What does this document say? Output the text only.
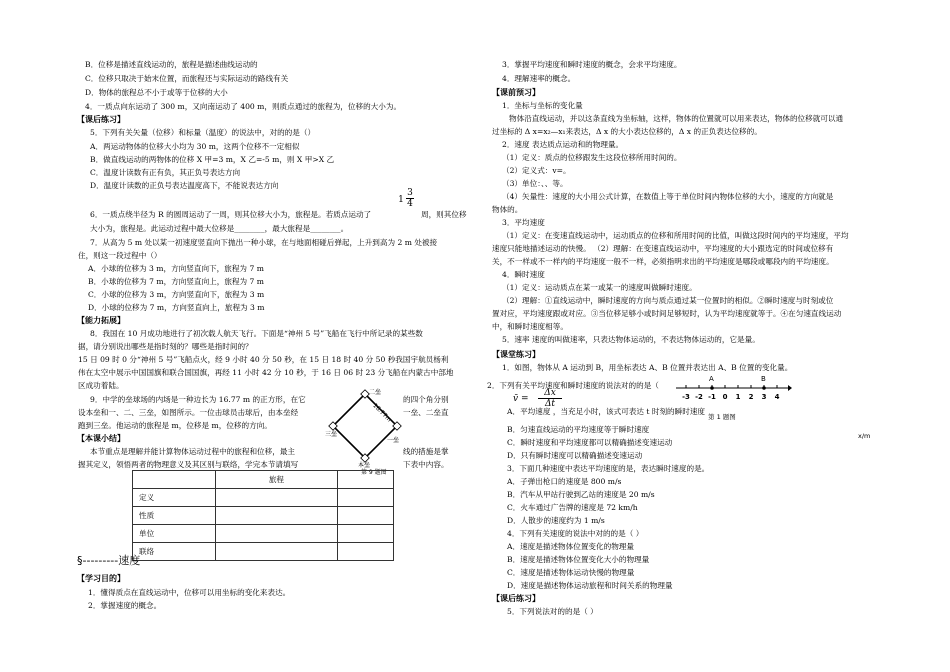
B．位移是描述直线运动的，旅程是描述曲线运动的
C．位移只取决于始末位置，而旅程还与实际运动的路线有关
D．物体的旅程总不小于或等于位移的大小
4．一质点向东运动了 300 m，又向南运动了 400 m，则质点通过的旅程为，位移的大小为。
【课后练习】
5．下列有关矢量（位移）和标量（温度）的说法中，对的的是（）
A．两运动物体的位移大小均为 30 m，这两个位移不一定相似
B．做直线运动的两物体的位移 X 甲=3 m，X 乙=-5 m，则 X 甲>X 乙
C．温度计读数有正有负，其正负号表达方向
D．温度计读数的正负号表达温度高下，不能说表达方向
$1 \frac{3}{4}$
6．一质点绕半径为 R 的圆周运动了一周，则其位移大小为，旅程是。若质点运动了	周，则其位移
大小为，旅程是。此运动过程中最大位移是________，最大旅程是________。
7．从高为 5 m 处以某一初速度竖直向下抛出一种小球，在与地面相碰后弹起，上升到高为 2 m 处被接
住，则这一段过程中（）
A．小球的位移为 3 m，方向竖直向下，旅程为 7 m
B．小球的位移为 7 m，方向竖直向上，旅程为 7 m
C．小球的位移为 3 m，方向竖直向下，旅程为 3 m
D．小球的位移为 7 m，方向竖直向上，旅程为 3 m
【能力拓展】
8．我国在 10 月成功地进行了初次载人航天飞行。下面是“神州 5 号”飞船在飞行中所记录的某些数
据，请分别说出哪些是指时刻的？哪些是指时间的？
15 日 09 时 0 分“神州 5 号”飞船点火，经 9 小时 40 分 50 秒，在 15 日 18 时 40 分 50 秒我国宇航员杨利
伟在太空中展示中国国旗和联合国国旗，再经 11 小时 42 分 10 秒，于 16 日 06 时 23 分飞船在内蒙古中部地
区成功着陆。
9．中学的垒球场的内场是一种边长为 16.77 m 的正方形，在它
设本垒和一、二、三垒，如图所示。一位击球员击球后，由本垒经
跑到三垒。他运动的旅程是 m，位移是 m，位移的方向。
的四个角分别
一垒、二垒直
【本课小结】
本节重点是理解并能计算物体运动过程中的旅程和位移，最主
握其定义，领悟两者的物理意义及其区别与联络，学完本节请填写
线的措施是掌
下表中内容。
二垒
三垒
一垒
本垒
16.77m
第 9 题图
	旅程	
定义		
性质		
单位		
联络		
§---------速度
【学习目的】
1．懂得质点在直线运动中，位移可以用坐标的变化来表达。
2．掌握速度的概念。
3．掌握平均速度和瞬时速度的概念，会求平均速度。
4．理解速率的概念。
【课前预习】
1．坐标与坐标的变化量
物体沿直线运动，并以这条直线为坐标轴，这样，物体的位置就可以用来表达，物体的位移就可以通
过坐标的 Δ x=x₂—x₁来表达，Δ x 的大小表达位移的，Δ x 的正负表达位移的。
2．速度 表达质点运动和的物理量。
（1）定义：质点的位移跟发生这段位移所用时间的。
（2）定义式：v=。
（3）单位：、、等。
（4）矢量性：速度的大小用公式计算，在数值上等于单位时间内物体位移的大小，速度的方向就是
物体的。
3．平均速度
（1）定义：在变速直线运动中，运动质点的位移和所用时间的比值，叫做这段时间内的平均速度，平均
速度只能地描述运动的快慢。 （2）理解：在变速直线运动中，平均速度的大小跟选定的时间或位移有
关，不一样或不一样内的平均速度一般不一样，必须指明求出的平均速度是哪段或哪段内的平均速度。
4．瞬时速度
（1）定义：运动质点在某一或某一的速度叫做瞬时速度。
（2）理解：①直线运动中，瞬时速度的方向与质点通过某一位置时的相似。②瞬时速度与时刻或位
置对应，平均速度跟或对应。③当位移足够小或时间足够短时，认为平均速度就等于。④在匀速直线运动
中，和瞬时速度相等。
5．速率 速度的叫做速率，只表达物体运动的，不表达物体运动的，它是量。
【课堂练习】
1．如图，物体从 A 运动到 B，用坐标表达 A、B 位置并表达出 A、B 位置的变化量。
2．下列有关平均速度和瞬时速度的说法对的的是（
v̄ = $\frac{\Delta x}{\Delta t}$
A	B
-3 -2 -1 0 1 2 3 4
第 1 题图
x/m
A．平均速度 ，当充足小时，该式可表达 t 时刻的瞬时速度
B．匀速直线运动的平均速度等于瞬时速度
C．瞬时速度和平均速度都可以精确描述变速运动
D．只有瞬时速度可以精确描述变速运动
3．下面几种速度中表达平均速度的是，表达瞬时速度的是。
A．子弹出枪口的速度是 800 m/s
B．汽车从甲站行驶到乙站的速度是 20 m/s
C．火车通过广告牌的速度是 72 km/h
D．人散步的速度约为 1 m/s
4．下列有关速度的说法中对的的是（ ）
A．速度是描述物体位置变化的物理量
B．速度是描述物体位置变化大小的物理量
C．速度是描述物体运动快慢的物理量
D．速度是描述物体运动旅程和时间关系的物理量
【课后练习】
5．下列说法对的的是（ ）
